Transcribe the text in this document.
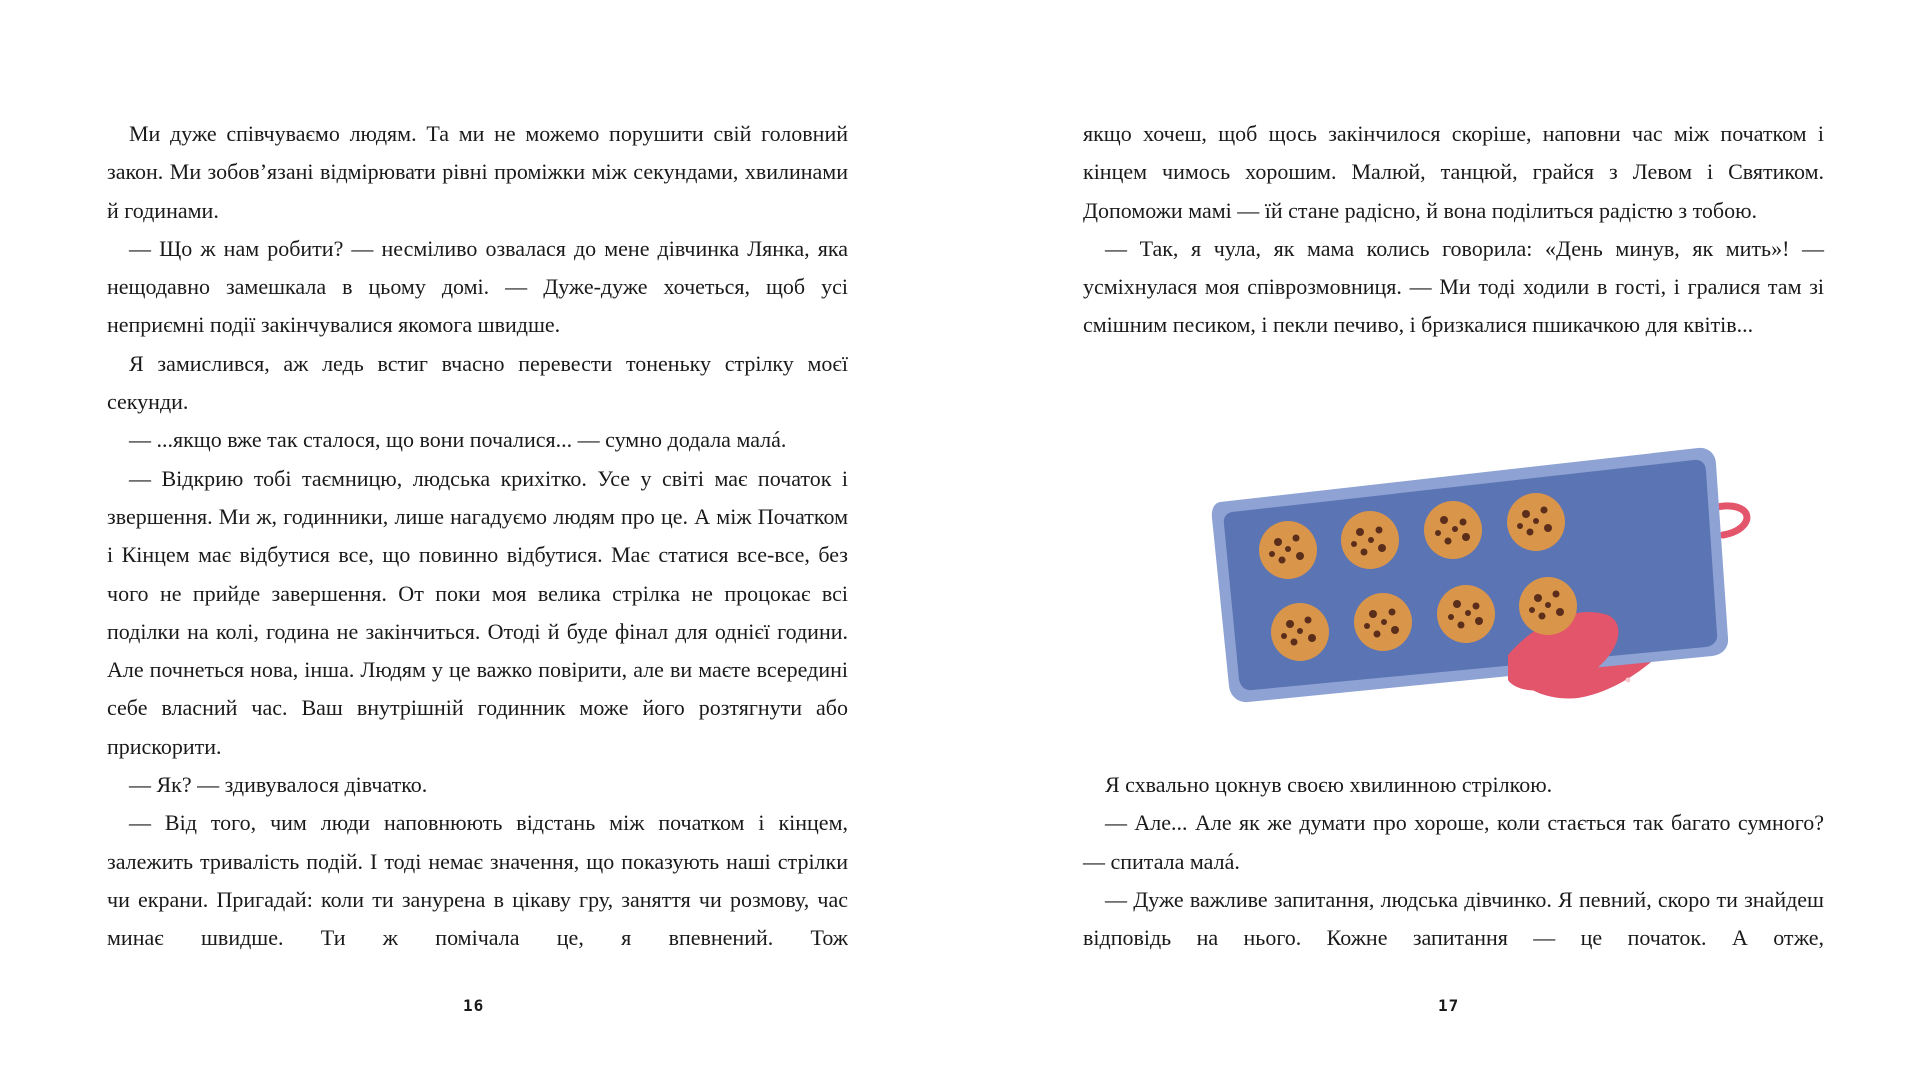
Ми дуже співчуваємо людям. Та ми не можемо порушити свій головний закон. Ми зобов’язані відмірювати рівні проміжки між секундами, хвилинами й годинами.

— Що ж нам робити? — несміливо озвалася до мене дівчинка Лянка, яка нещодавно замешкала в цьому домі. — Дуже-дуже хочеться, щоб усі неприємні події закінчувалися якомога швидше.

Я замислився, аж ледь встиг вчасно перевести тоненьку стрілку моєї секунди.

— ...якщо вже так сталося, що вони почалися... — сумно додала малá.

— Відкрию тобі таємницю, людська крихітко. Усе у світі має початок і звершення. Ми ж, годинники, лише нагадуємо людям про це. А між Початком і Кінцем має відбутися все, що повинно відбутися. Має статися все-все, без чого не прийде завершення. От поки моя велика стрілка не процокає всі поділки на колі, година не закінчиться. Отоді й буде фінал для однієї години. Але почнеться нова, інша. Людям у це важко повірити, але ви маєте всередині себе власний час. Ваш внутрішній годинник може його розтягнути або прискорити.

— Як? — здивувалося дівчатко.

— Від того, чим люди наповнюють відстань між початком і кінцем, залежить тривалість подій. І тоді немає значення, що показують наші стрілки чи екрани. Пригадай: коли ти занурена в цікаву гру, заняття чи розмову, час минає швидше. Ти ж помічала це, я впевнений. Тож

16

якщо хочеш, щоб щось закінчилося скоріше, наповни час між початком і кінцем чимось хорошим. Малюй, танцюй, грайся з Левом і Святиком. Допоможи мамі — їй стане радісно, й вона поділиться радістю з тобою.

— Так, я чула, як мама колись говорила: «День минув, як мить»! — усміхнулася моя співрозмовниця. — Ми тоді ходили в гості, і гралися там зі смішним песиком, і пекли печиво, і бризкалися пшикачкою для квітів...

Я схвально цокнув своєю хвилинною стрілкою.

— Але... Але як же думати про хороше, коли стається так багато сумного? — спитала малá.

— Дуже важливе запитання, людська дівчинко. Я певний, скоро ти знайдеш відповідь на нього. Кожне запитання — це початок. А отже,

17
